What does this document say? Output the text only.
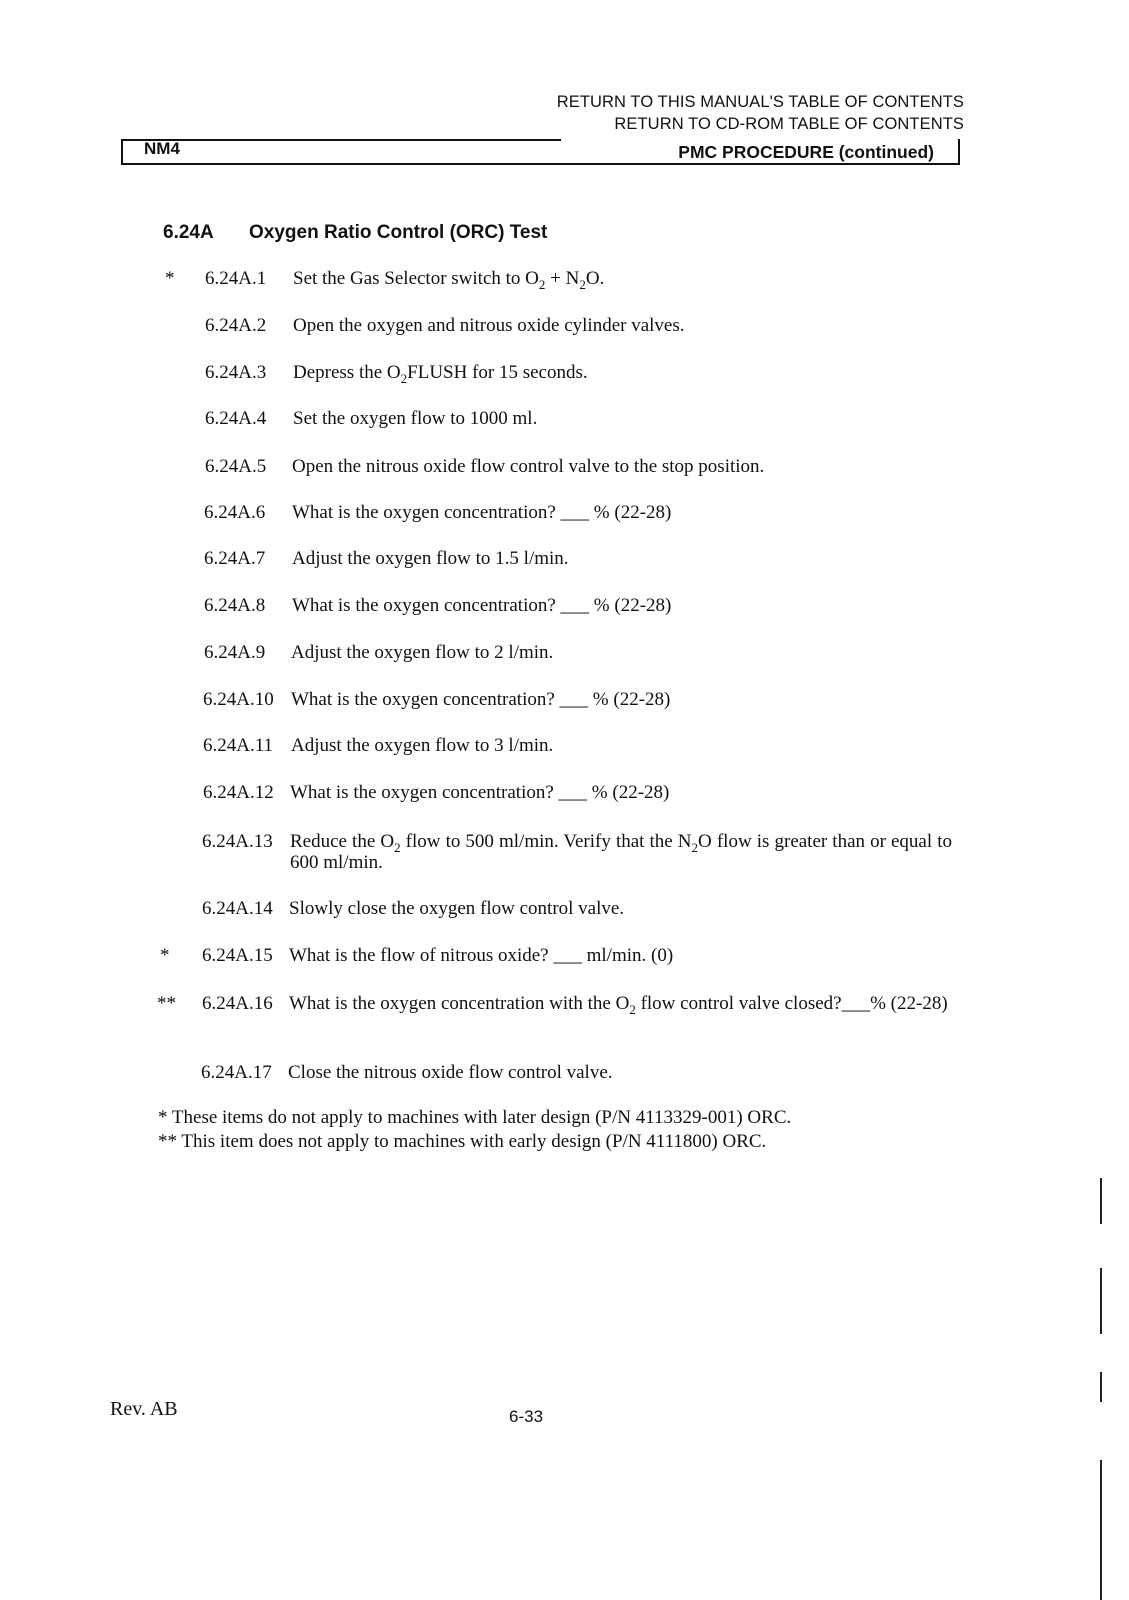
RETURN TO THIS MANUAL'S TABLE OF CONTENTS
RETURN TO CD-ROM TABLE OF CONTENTS
NM4	PMC PROCEDURE (continued)
6.24A Oxygen Ratio Control (ORC) Test
*	6.24A.1 Set the Gas Selector switch to $O_2 + N_2O$.
6.24A.2 Open the oxygen and nitrous oxide cylinder valves.
6.24A.3 Depress the $O_2FLUSH$ for 15 seconds.
6.24A.4 Set the oxygen flow to 1000 ml.
6.24A.5 Open the nitrous oxide flow control valve to the stop position.
6.24A.6 What is the oxygen concentration? ___ % (22-28)
6.24A.7 Adjust the oxygen flow to 1.5 l/min.
6.24A.8 What is the oxygen concentration? ___ % (22-28)
6.24A.9 Adjust the oxygen flow to 2 l/min.
6.24A.10 What is the oxygen concentration? ___ % (22-28)
6.24A.11 Adjust the oxygen flow to 3 l/min.
6.24A.12 What is the oxygen concentration? ___ % (22-28)
6.24A.13 Reduce the $O_2$ flow to 500 ml/min. Verify that the $N_2O$ flow is greater than or equal to 600 ml/min.
6.24A.14 Slowly close the oxygen flow control valve.
*	6.24A.15 What is the flow of nitrous oxide? ___ ml/min. (0)
**	6.24A.16 What is the oxygen concentration with the $O_2$ flow control valve closed?___% (22-28)
6.24A.17 Close the nitrous oxide flow control valve.
* These items do not apply to machines with later design (P/N 4113329-001) ORC.
** This item does not apply to machines with early design (P/N 4111800) ORC.
Rev. AB	6-33
